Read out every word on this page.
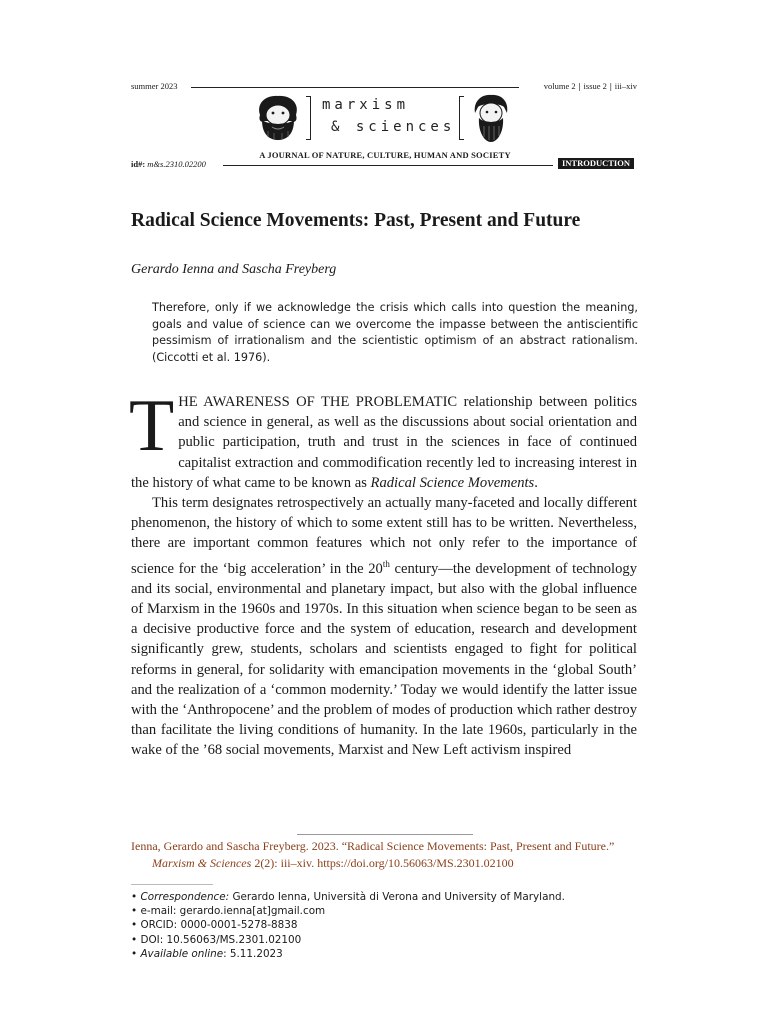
summer 2023	volume 2 | issue 2 | iii–xiv
marxism
& sciences
A JOURNAL OF NATURE, CULTURE, HUMAN AND SOCIETY
id#: m&s.2310.02200	INTRODUCTION
Radical Science Movements: Past, Present and Future
Gerardo Ienna and Sascha Freyberg
Therefore, only if we acknowledge the crisis which calls into question the meaning, goals and value of science can we overcome the impasse between the antiscientific pessimism of irrationalism and the scientistic optimism of an abstract rationalism. (Ciccotti et al. 1976).

THE AWARENESS OF THE PROBLEMATIC relationship between politics and science in general, as well as the discussions about social orientation and public participation, truth and trust in the sciences in face of continued capitalist extraction and commodification recently led to increasing interest in the history of what came to be known as Radical Science Movements.

This term designates retrospectively an actually many-faceted and locally different phenomenon, the history of which to some extent still has to be written. Nevertheless, there are important common features which not only refer to the importance of science for the ‘big acceleration’ in the 20th century—the development of technology and its social, environmental and planetary impact, but also with the global influence of Marxism in the 1960s and 1970s. In this situation when science began to be seen as a decisive productive force and the system of education, research and development significantly grew, students, scholars and scientists engaged to fight for political reforms in general, for solidarity with emancipation movements in the ‘global South’ and the realization of a ‘common modernity.’ Today we would identify the latter issue with the ‘Anthropocene’ and the problem of modes of production which rather destroy than facilitate the living conditions of humanity. In the late 1960s, particularly in the wake of the ’68 social movements, Marxist and New Left activism inspired

Ienna, Gerardo and Sascha Freyberg. 2023. “Radical Science Movements: Past, Present and Future.” Marxism & Sciences 2(2): iii–xiv. https://doi.org/10.56063/MS.2301.02100
• Correspondence: Gerardo Ienna, Università di Verona and University of Maryland.
• e-mail: gerardo.ienna[at]gmail.com
• ORCID: 0000-0001-5278-8838
• DOI: 10.56063/MS.2301.02100
• Available online: 5.11.2023
